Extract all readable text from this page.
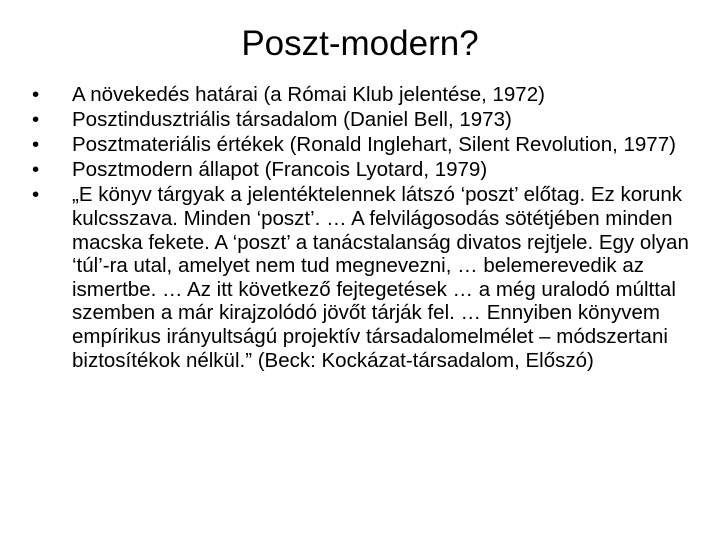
Poszt-modern?
•	A növekedés határai (a Római Klub jelentése, 1972)
•	Posztindusztriális társadalom (Daniel Bell, 1973)
•	Posztmateriális értékek (Ronald Inglehart, Silent Revolution, 1977)
•	Posztmodern állapot (Francois Lyotard, 1979)
•	„E könyv tárgyak a jelentéktelennek látszó ‘poszt’ előtag. Ez korunk kulcsszava. Minden ‘poszt’. … A felvilágosodás sötétjében minden macska fekete. A ‘poszt’ a tanácstalanság divatos rejtjele. Egy olyan ‘túl’-ra utal, amelyet nem tud megnevezni, … belemerevedik az ismertbe. … Az itt következő fejtegetések … a még uralodó múlttal szemben a már kirajzolódó jövőt tárják fel. … Ennyiben könyvem empírikus irányultságú projektív társadalomelmélet – módszertani biztosítékok nélkül.” (Beck: Kockázat-társadalom, Előszó)
